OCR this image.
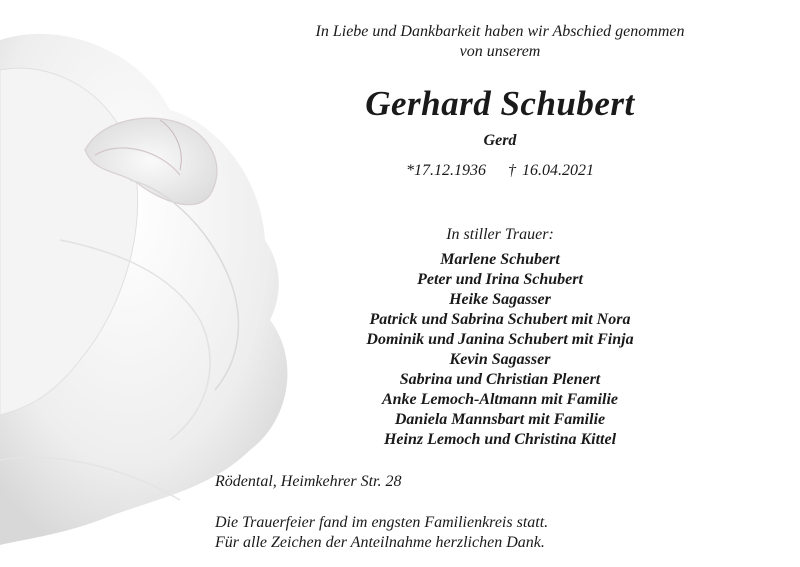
In Liebe und Dankbarkeit haben wir Abschied genommen
von unserem
Gerhard Schubert
Gerd
*17.12.1936 † 16.04.2021
In stiller Trauer:
Marlene Schubert
Peter und Irina Schubert
Heike Sagasser
Patrick und Sabrina Schubert mit Nora
Dominik und Janina Schubert mit Finja
Kevin Sagasser
Sabrina und Christian Plenert
Anke Lemoch-Altmann mit Familie
Daniela Mannsbart mit Familie
Heinz Lemoch und Christina Kittel
Rödental, Heimkehrer Str. 28
Die Trauerfeier fand im engsten Familienkreis statt.
Für alle Zeichen der Anteilnahme herzlichen Dank.
